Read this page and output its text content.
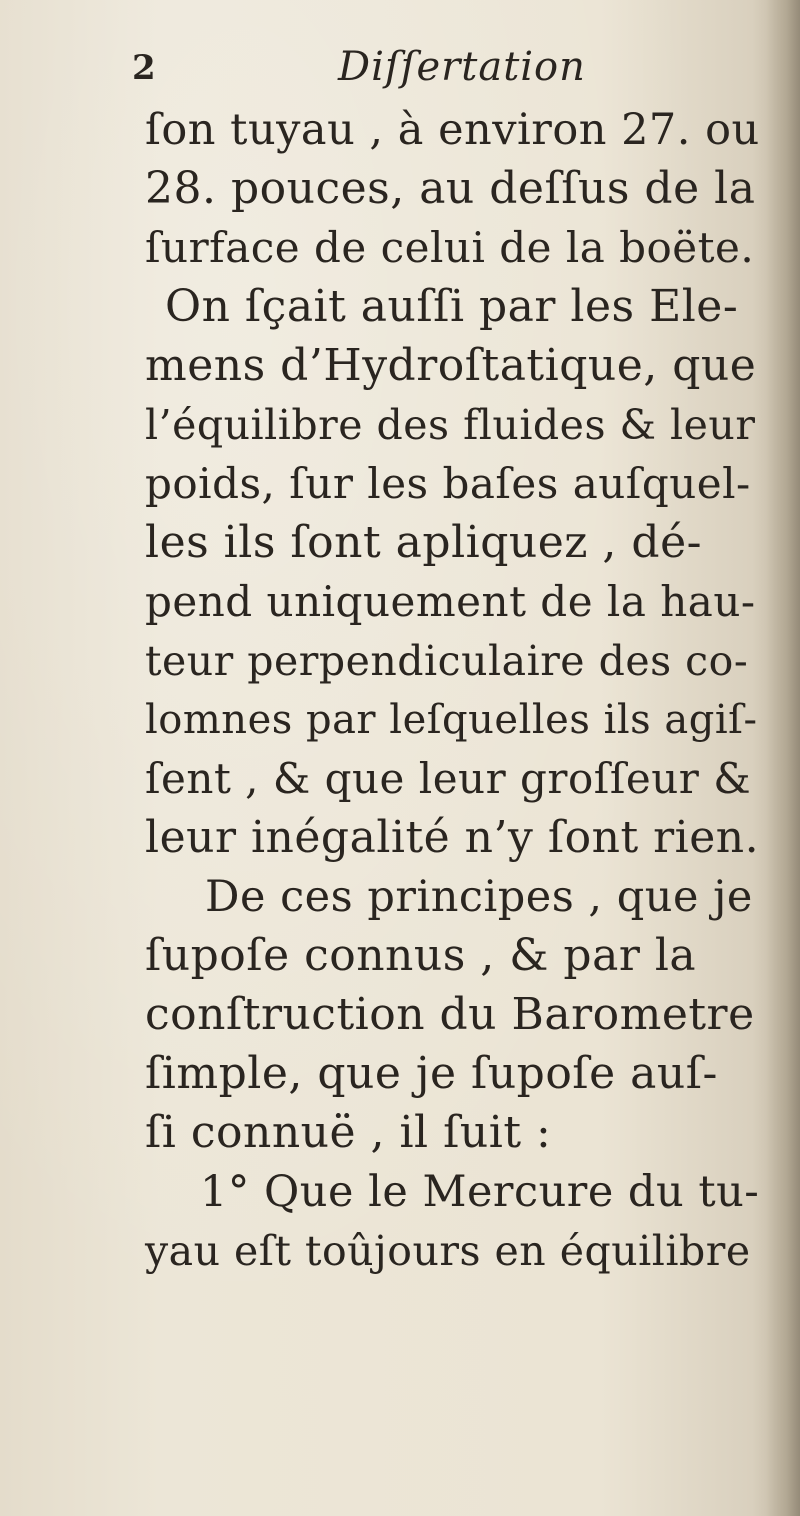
2	Diſſertation
ſon tuyau , à environ 27. ou
28. pouces, au deſſus de la
ſurface de celui de la boëte.
On ſçait auſſi par les Ele-
mens d’Hydroſtatique, que
l’équilibre des fluides & leur
poids, ſur les baſes auſquel-
les ils ſont apliquez , dé-
pend uniquement de la hau-
teur perpendiculaire des co-
lomnes par leſquelles ils agiſ-
ſent , & que leur groſſeur &
leur inégalité n’y ſont rien.
De ces principes , que je
ſupoſe connus , & par la
conſtruction du Barometre
ſimple, que je ſupoſe auſ-
ſi connuë , il ſuit :
1° Que le Mercure du tu-
yau eſt toûjours en équilibre
